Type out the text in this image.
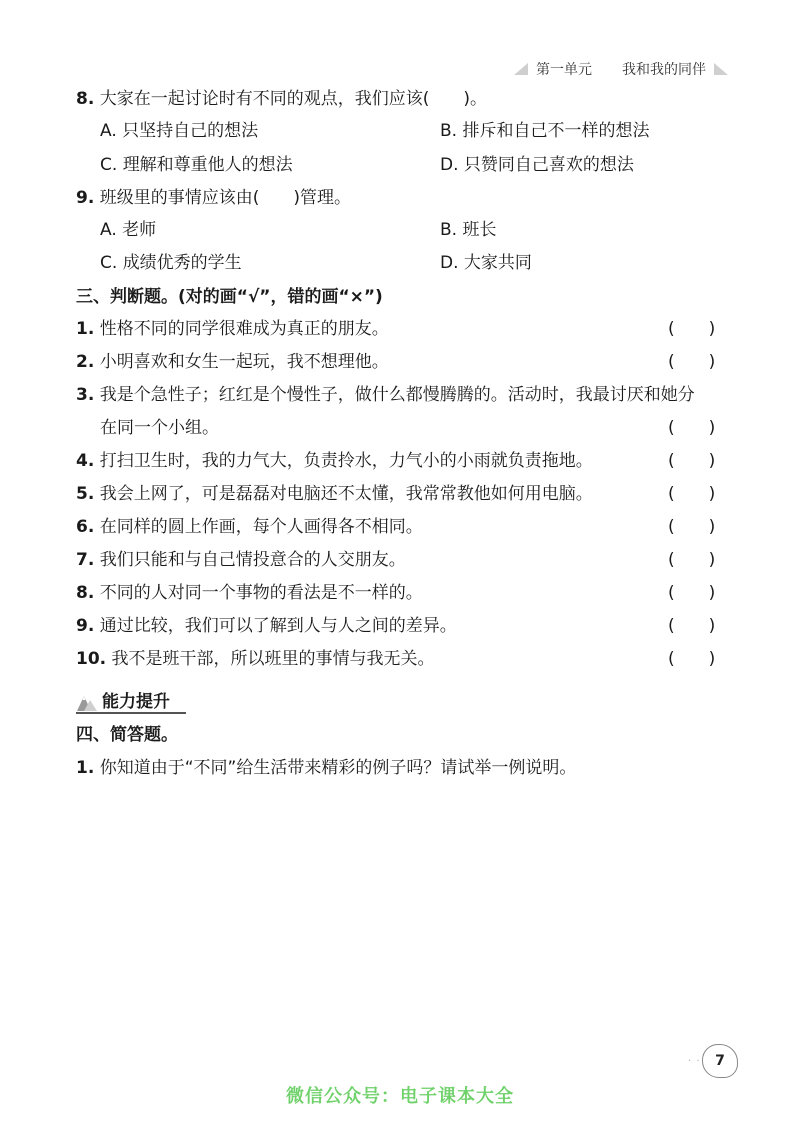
第一单元 我和我的同伴
8. 大家在一起讨论时有不同的观点，我们应该(　　)。
A. 只坚持自己的想法	B. 排斥和自己不一样的想法
C. 理解和尊重他人的想法	D. 只赞同自己喜欢的想法
9. 班级里的事情应该由(　　)管理。
A. 老师	B. 班长
C. 成绩优秀的学生	D. 大家共同
三、判断题。(对的画“√”，错的画“×”)
1. 性格不同的同学很难成为真正的朋友。	(　　)
2. 小明喜欢和女生一起玩，我不想理他。	(　　)
3. 我是个急性子；红红是个慢性子，做什么都慢腾腾的。活动时，我最讨厌和她分
在同一个小组。	(　　)
4. 打扫卫生时，我的力气大，负责拎水，力气小的小雨就负责拖地。	(　　)
5. 我会上网了，可是磊磊对电脑还不太懂，我常常教他如何用电脑。	(　　)
6. 在同样的圆上作画，每个人画得各不相同。	(　　)
7. 我们只能和与自己情投意合的人交朋友。	(　　)
8. 不同的人对同一个事物的看法是不一样的。	(　　)
9. 通过比较，我们可以了解到人与人之间的差异。	(　　)
10. 我不是班干部，所以班里的事情与我无关。	(　　)
能力提升
四、简答题。
1. 你知道由于“不同”给生活带来精彩的例子吗？请试举一例说明。
· ·	7
微信公众号：电子课本大全
